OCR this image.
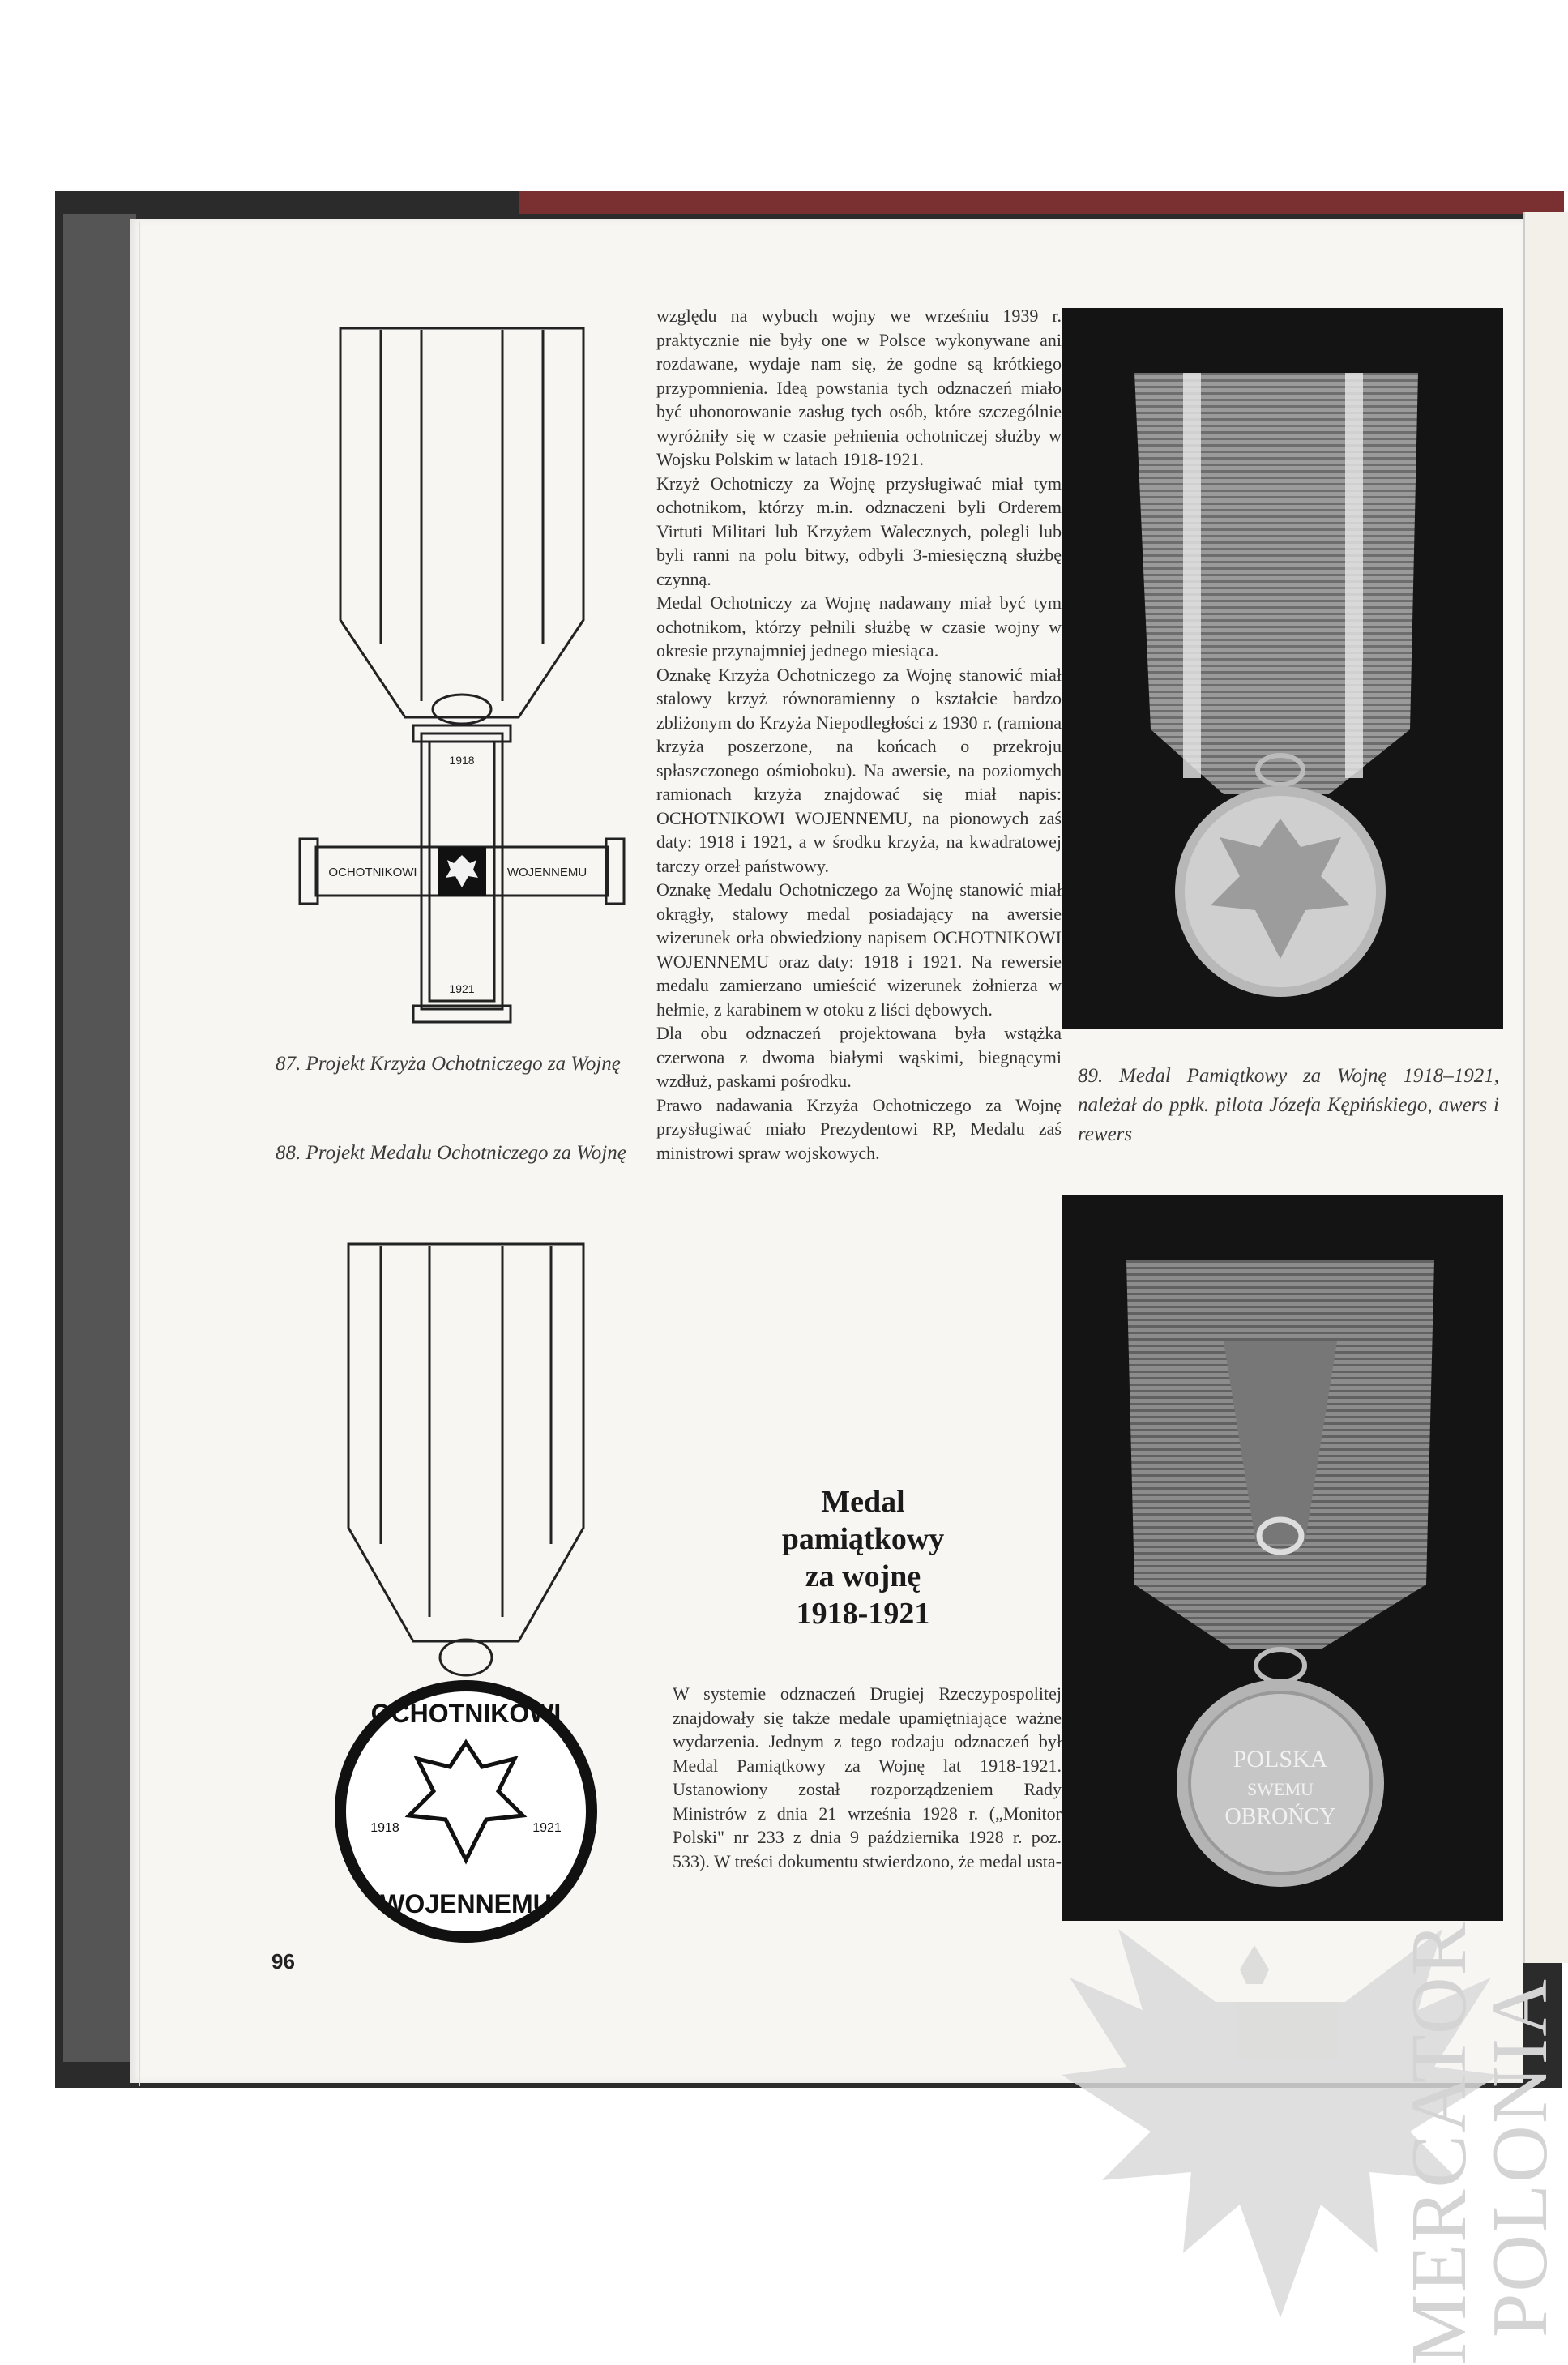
1918
1921
OCHOTNIKOWI	WOJENNEMU
87. Projekt Krzyża Ochotniczego za Wojnę
88. Projekt Medalu Ochotniczego za Wojnę
OCHOTNIKOWI
WOJENNEMU
1918	1921

względu na wybuch wojny we wrześniu 1939 r. praktycznie nie były one w Polsce wykonywane ani rozdawane, wydaje nam się, że godne są krótkiego przypomnienia. Ideą powstania tych odznaczeń miało być uhonorowanie zasług tych osób, które szczególnie wyróżniły się w czasie pełnienia ochotniczej służby w Wojsku Polskim w latach 1918-1921.

Krzyż Ochotniczy za Wojnę przysługiwać miał tym ochotnikom, którzy m.in. odznaczeni byli Orderem Virtuti Militari lub Krzyżem Walecznych, polegli lub byli ranni na polu bitwy, odbyli 3-miesięczną służbę czynną.

Medal Ochotniczy za Wojnę nadawany miał być tym ochotnikom, którzy pełnili służbę w czasie wojny w okresie przynajmniej jednego miesiąca.

Oznakę Krzyża Ochotniczego za Wojnę stanowić miał stalowy krzyż równoramienny o kształcie bardzo zbliżonym do Krzyża Niepodległości z 1930 r. (ramiona krzyża poszerzone, na końcach o przekroju spłaszczonego ośmioboku). Na awersie, na poziomych ramionach krzyża znajdować się miał napis: OCHOTNIKOWI WOJENNEMU, na pionowych zaś daty: 1918 i 1921, a w środku krzyża, na kwadratowej tarczy orzeł państwowy.

Oznakę Medalu Ochotniczego za Wojnę stanowić miał okrągły, stalowy medal posiadający na awersie wizerunek orła obwiedziony napisem OCHOTNIKOWI WOJENNEMU oraz daty: 1918 i 1921. Na rewersie medalu zamierzano umieścić wizerunek żołnierza w hełmie, z karabinem w otoku z liści dębowych.

Dla obu odznaczeń projektowana była wstążka czerwona z dwoma białymi wąskimi, biegnącymi wzdłuż, paskami pośrodku.

Prawo nadawania Krzyża Ochotniczego za Wojnę przysługiwać miało Prezydentowi RP, Medalu zaś ministrowi spraw wojskowych.

Medal
pamiątkowy
za wojnę
1918-1921
W systemie odznaczeń Drugiej Rzeczypospolitej znajdowały się także medale upamiętniające ważne wydarzenia. Jednym z tego rodzaju odznaczeń był Medal Pamiątkowy za Wojnę lat 1918-1921. Ustanowiony został rozporządzeniem Rady Ministrów z dnia 21 września 1928 r. („Monitor Polski" nr 233 z dnia 9 października 1928 r. poz. 533). W treści dokumentu stwierdzono, że medal usta-
89. Medal Pamiątkowy za Wojnę 1918–1921, należał do ppłk. pilota Józefa Kępińskiego, awers i rewers
POLSKA
SWEMU
OBROŃCY
96	MERCATOR
POLONIA
